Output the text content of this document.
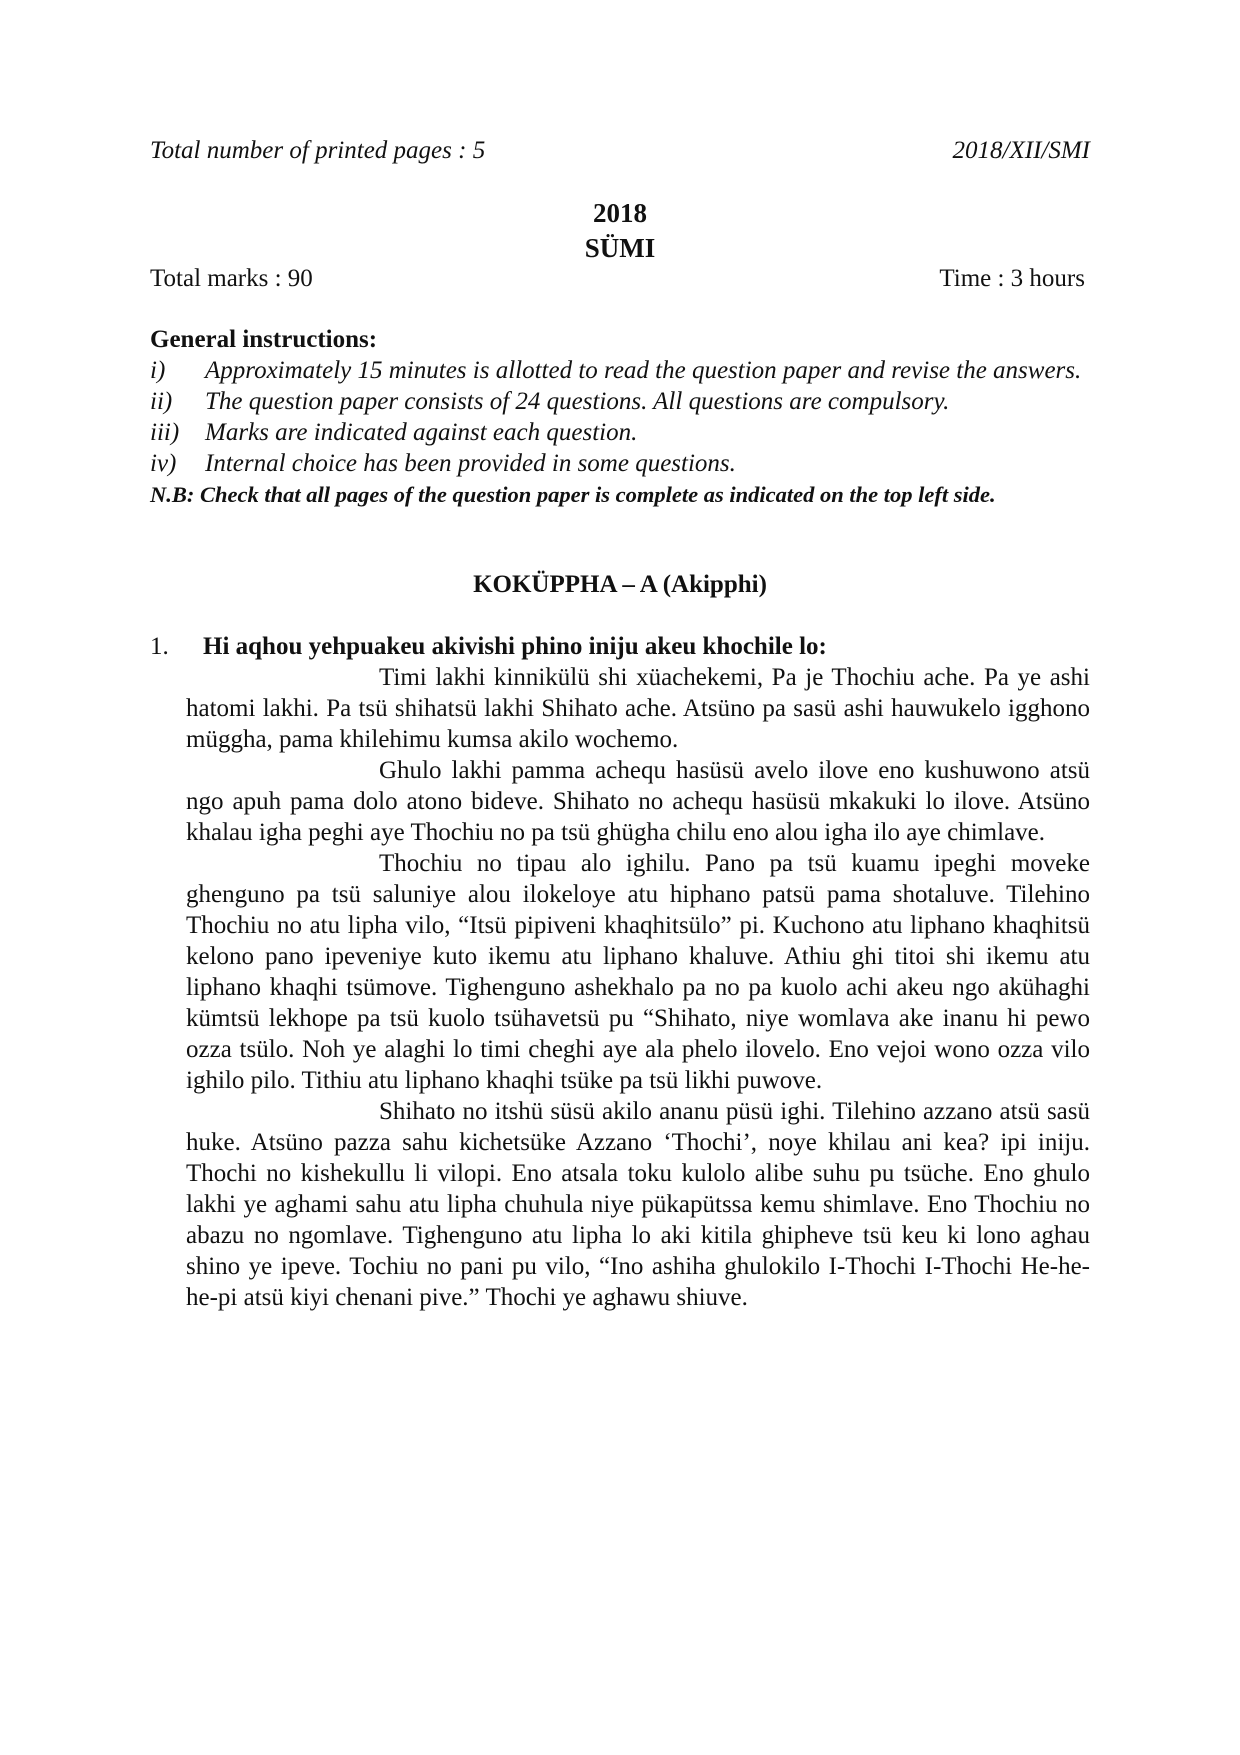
Total number of printed pages : 5	2018/XII/SMI
2018
SÜMI
Total marks : 90	Time : 3 hours
General instructions:
i)	Approximately 15 minutes is allotted to read the question paper and revise the answers.
ii)	The question paper consists of 24 questions. All questions are compulsory.
iii)	Marks are indicated against each question.
iv)	Internal choice has been provided in some questions.
N.B: Check that all pages of the question paper is complete as indicated on the top left side.
KOKÜPPHA – A (Akipphi)
1.	Hi aqhou yehpuakeu akivishi phino iniju akeu khochile lo:

Timi lakhi kinnikülü shi xüachekemi, Pa je Thochiu ache. Pa ye ashi hatomi lakhi. Pa tsü shihatsü lakhi Shihato ache. Atsüno pa sasü ashi hauwukelo igghono müggha, pama khilehimu kumsa akilo wochemo.

Ghulo lakhi pamma achequ hasüsü avelo ilove eno kushuwono atsü ngo apuh pama dolo atono bideve. Shihato no achequ hasüsü mkakuki lo ilove. Atsüno khalau igha peghi aye Thochiu no pa tsü ghügha chilu eno alou igha ilo aye chimlave.

Thochiu no tipau alo ighilu. Pano pa tsü kuamu ipeghi moveke ghenguno pa tsü saluniye alou ilokeloye atu hiphano patsü pama shotaluve. Tilehino Thochiu no atu lipha vilo, “Itsü pipiveni khaqhitsülo” pi. Kuchono atu liphano khaqhitsü kelono pano ipeveniye kuto ikemu atu liphano khaluve. Athiu ghi titoi shi ikemu atu liphano khaqhi tsümove. Tighenguno ashekhalo pa no pa kuolo achi akeu ngo akühaghi kümtsü lekhope pa tsü kuolo tsühavetsü pu “Shihato, niye womlava ake inanu hi pewo ozza tsülo. Noh ye alaghi lo timi cheghi aye ala phelo ilovelo. Eno vejoi wono ozza vilo ighilo pilo. Tithiu atu liphano khaqhi tsüke pa tsü likhi puwove.

Shihato no itshü süsü akilo ananu püsü ighi. Tilehino azzano atsü sasü huke. Atsüno pazza sahu kichetsüke Azzano ‘Thochi’, noye khilau ani kea? ipi iniju. Thochi no kishekullu li vilopi. Eno atsala toku kulolo alibe suhu pu tsüche. Eno ghulo lakhi ye aghami sahu atu lipha chuhula niye pükapütssa kemu shimlave. Eno Thochiu no abazu no ngomlave. Tighenguno atu lipha lo aki kitila ghipheve tsü keu ki lono aghau shino ye ipeve. Tochiu no pani pu vilo, “Ino ashiha ghulokilo I-Thochi I-Thochi He-he-he-pi atsü kiyi chenani pive.” Thochi ye aghawu shiuve.
